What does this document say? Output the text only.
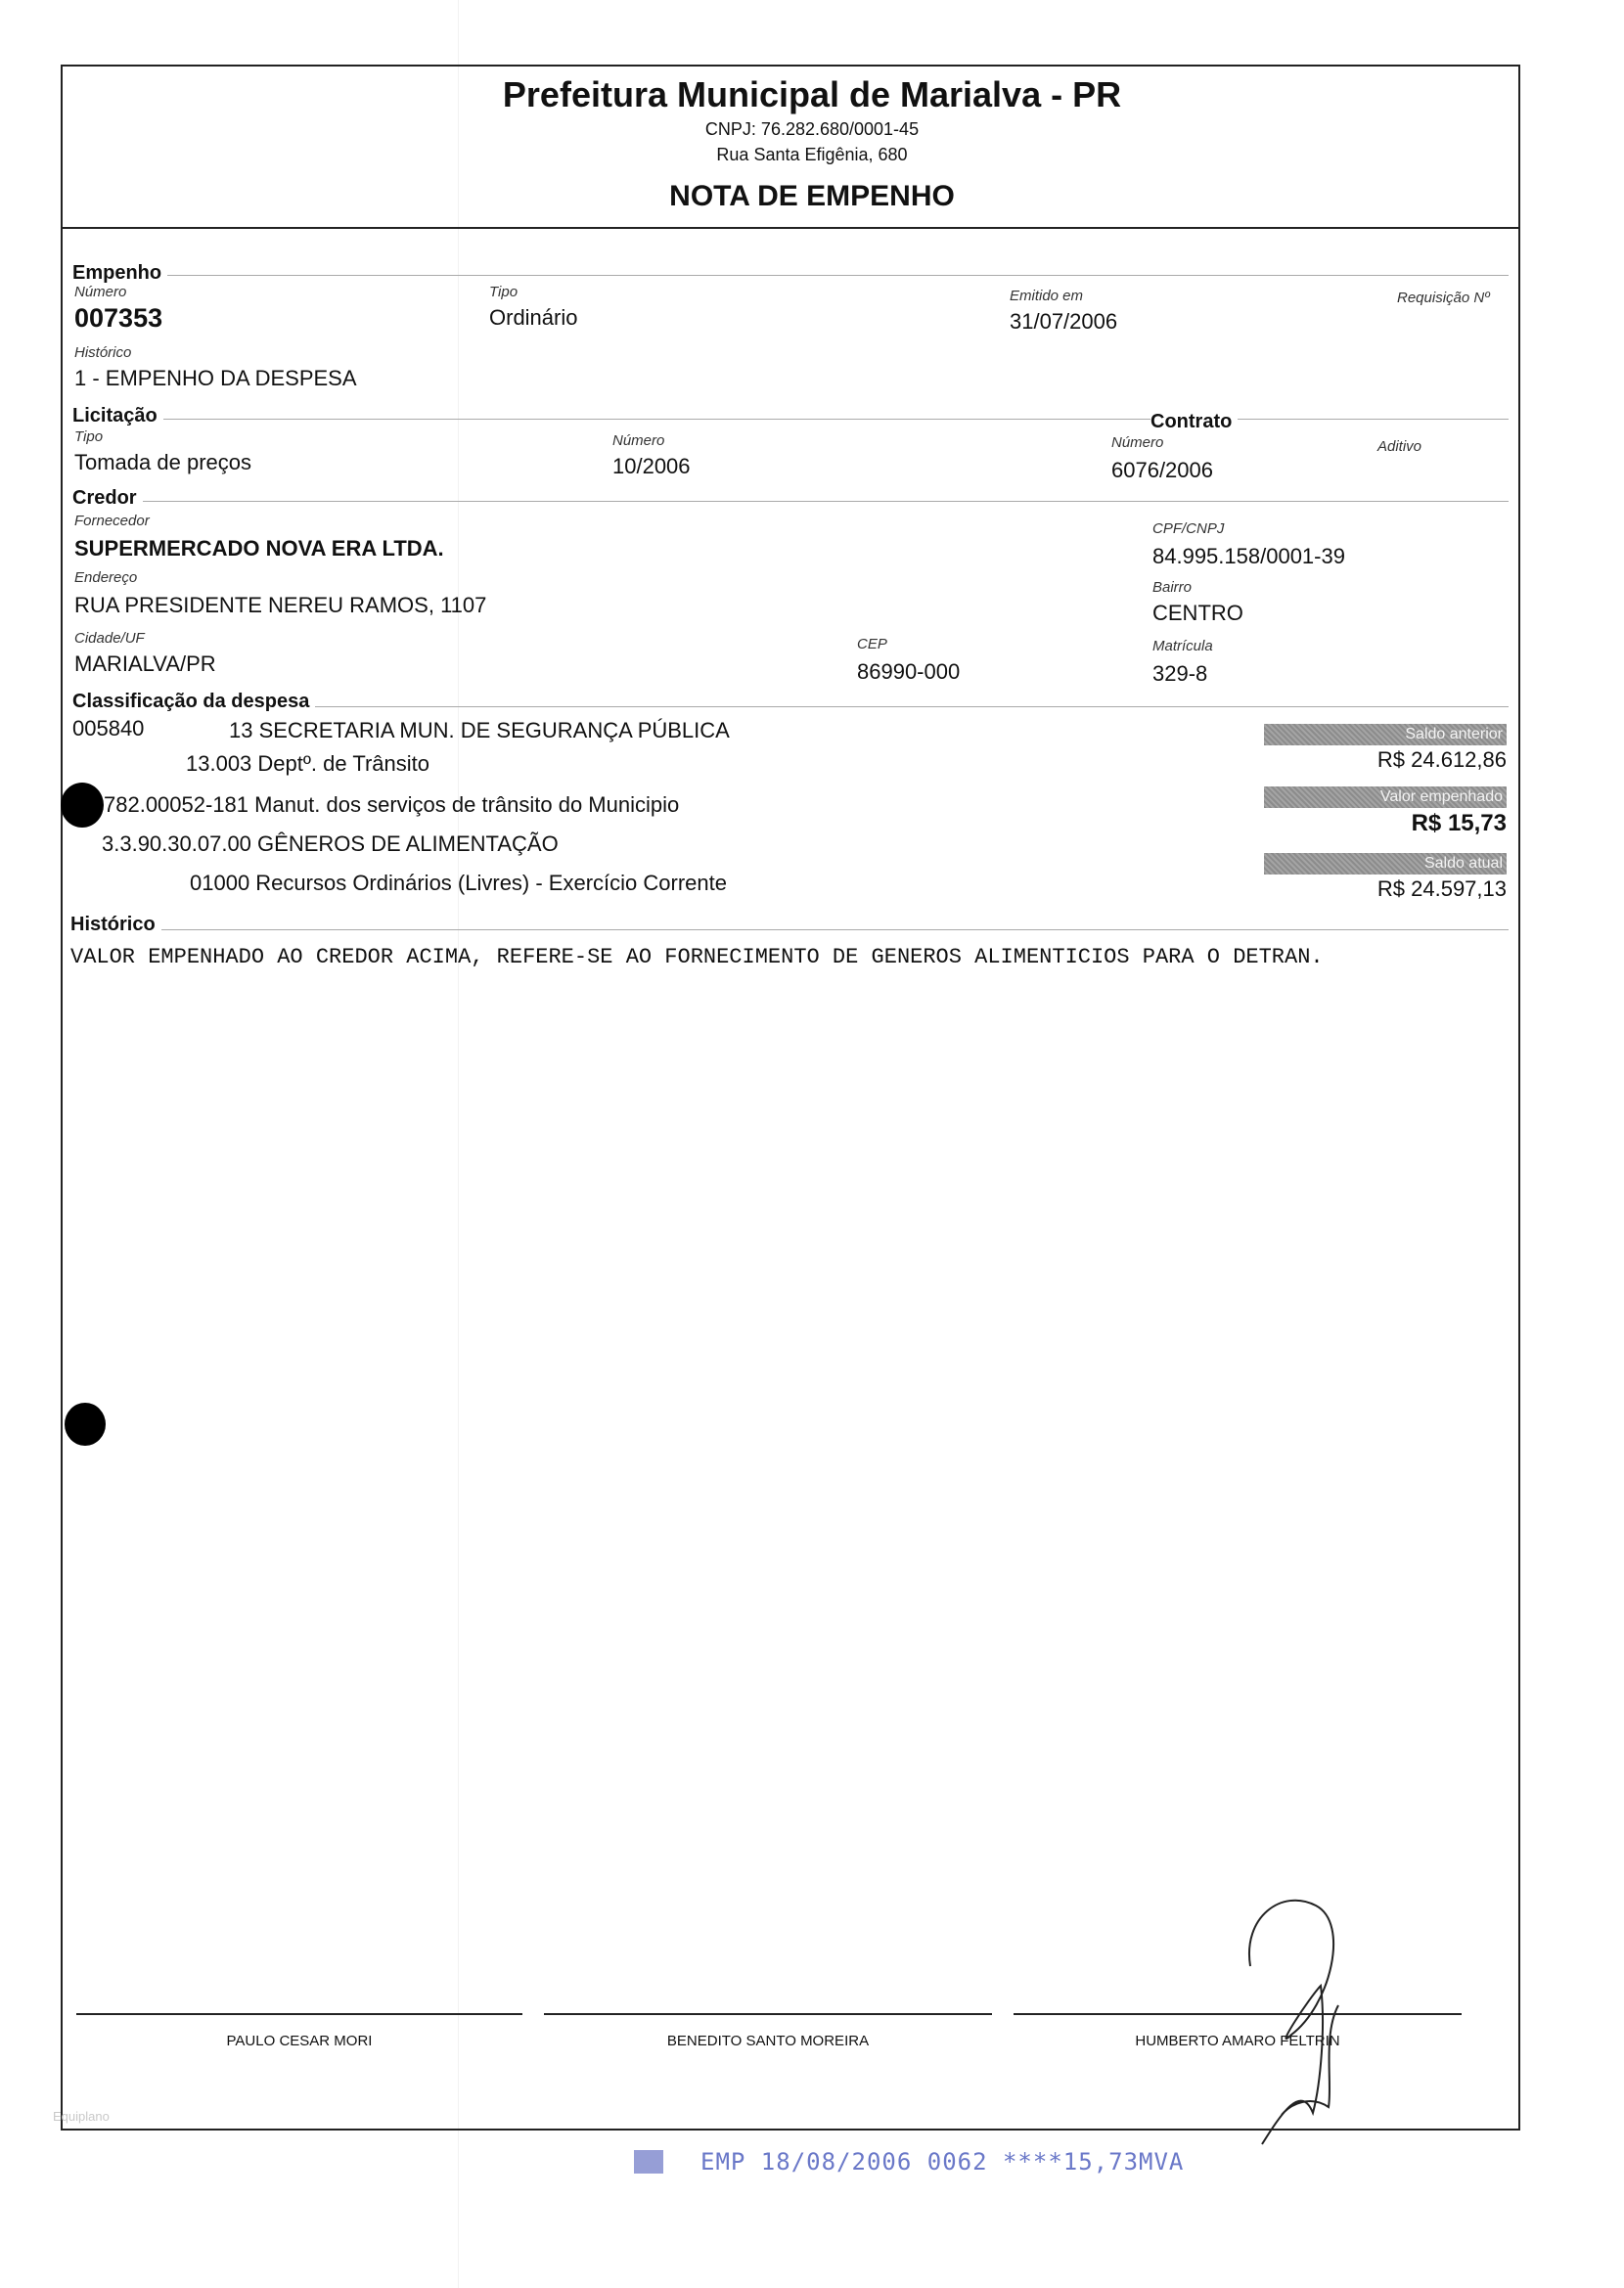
Prefeitura Municipal de Marialva - PR
CNPJ: 76.282.680/0001-45
Rua Santa Efigênia, 680
NOTA DE EMPENHO
Empenho
Número
007353
Tipo
Ordinário
Emitido em
31/07/2006
Requisição Nº
Histórico
1 - EMPENHO DA DESPESA
Licitação	Contrato
Tipo
Tomada de preços
Número
10/2006
Número
6076/2006
Aditivo
Credor
Fornecedor
SUPERMERCADO NOVA ERA LTDA.
CPF/CNPJ
84.995.158/0001-39
Endereço
RUA PRESIDENTE NEREU RAMOS, 1107
Bairro
CENTRO
Cidade/UF
MARIALVA/PR
CEP
86990-000
Matrícula
329-8
Classificação da despesa
005840	13 SECRETARIA MUN. DE SEGURANÇA PÚBLICA
13.003 Deptº. de Trânsito
782.00052-181 Manut. dos serviços de trânsito do Municipio
3.3.90.30.07.00 GÊNEROS DE ALIMENTAÇÃO
01000 Recursos Ordinários (Livres) - Exercício Corrente
Saldo anterior
R$ 24.612,86
Valor empenhado
R$ 15,73
Saldo atual
R$ 24.597,13
Histórico
VALOR EMPENHADO AO CREDOR ACIMA, REFERE-SE AO FORNECIMENTO DE GENEROS ALIMENTICIOS PARA O DETRAN.
PAULO CESAR MORI	BENEDITO SANTO MOREIRA	HUMBERTO AMARO FELTRIN
Equiplano
EMP 18/08/2006 0062 ****15,73MVA
